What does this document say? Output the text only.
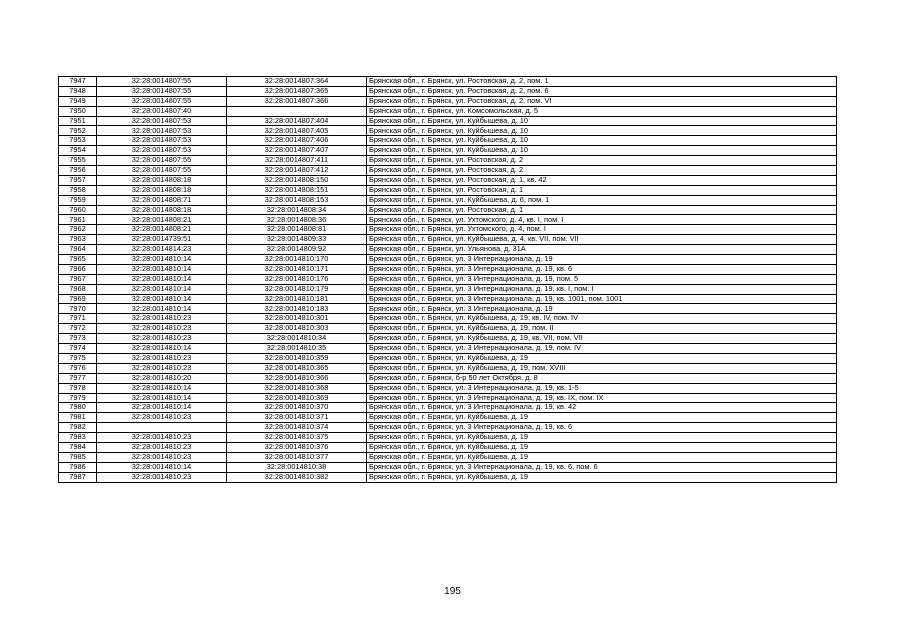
7947	32:28:0014807:55	32:28:0014807:364	Брянская обл., г. Брянск, ул. Ростовская, д. 2, пом. 1
7948	32:28:0014807:55	32:28:0014807:365	Брянская обл., г. Брянск, ул. Ростовская, д. 2, пом. 6
7949	32:28:0014807:55	32:28:0014807:366	Брянская обл., г. Брянск, ул. Ростовская, д. 2, пом. VI
7950	32:28:0014807:40		Брянская обл., г. Брянск, ул. Комсомольская, д. 5
7951	32:28:0014807:53	32:28:0014807:404	Брянская обл., г. Брянск, ул. Куйбышева, д. 10
7952	32:28:0014807:53	32:28:0014807:405	Брянская обл., г. Брянск, ул. Куйбышева, д. 10
7953	32:28:0014807:53	32:28:0014807:406	Брянская обл., г. Брянск, ул. Куйбышева, д. 10
7954	32:28:0014807:53	32:28:0014807:407	Брянская обл., г. Брянск, ул. Куйбышева, д. 10
7955	32:28:0014807:55	32:28:0014807:411	Брянская обл., г. Брянск, ул. Ростовская, д. 2
7956	32:28:0014807:55	32:28:0014807:412	Брянская обл., г. Брянск, ул. Ростовская, д. 2
7957	32:28:0014808:18	32:28:0014808:150	Брянская обл., г. Брянск, ул. Ростовская, д. 1, кв. 42
7958	32:28:0014808:18	32:28:0014808:151	Брянская обл., г. Брянск, ул. Ростовская, д. 1
7959	32:28:0014808:71	32:28:0014808:153	Брянская обл., г. Брянск, ул. Куйбышева, д. 6, пом. 1
7960	32:28:0014808:18	32:28:0014808:34	Брянская обл., г. Брянск, ул. Ростовская, д. 1
7961	32:28:0014808:21	32:28:0014808:36	Брянская обл., г. Брянск, ул. Ухтомского, д. 4, кв. I, пом. I
7962	32:28:0014808:21	32:28:0014808:81	Брянская обл., г. Брянск, ул. Ухтомского, д. 4, пом. I
7963	32:28:0014739:51	32:28:0014809:33	Брянская обл., г. Брянск, ул. Куйбышева, д. 4, кв. VII, пом. VII
7964	32:28:0014814:23	32:28:0014809:92	Брянская обл., г. Брянск, ул. Ульянова, д. 31А
7965	32:28:0014810:14	32:28:0014810:170	Брянская обл., г. Брянск, ул. 3 Интернационала, д. 19
7966	32:28:0014810:14	32:28:0014810:171	Брянская обл., г. Брянск, ул. 3 Интернационала, д. 19, кв. 6
7967	32:28:0014810:14	32:28:0014810:176	Брянская обл., г. Брянск, ул. 3 Интернационала, д. 19, пом. 5
7968	32:28:0014810:14	32:28:0014810:179	Брянская обл., г. Брянск, ул. 3 Интернационала, д. 19, кв. I, пом. I
7969	32:28:0014810:14	32:28:0014810:181	Брянская обл., г. Брянск, ул. 3 Интернационала, д. 19, кв. 1001, пом. 1001
7970	32:28:0014810:14	32:28:0014810:183	Брянская обл., г. Брянск, ул. 3 Интернационала, д. 19
7971	32:28:0014810:23	32:28:0014810:301	Брянская обл., г. Брянск, ул. Куйбышева, д. 19, кв. IV, пом. IV
7972	32:28:0014810:23	32:28:0014810:303	Брянская обл., г. Брянск, ул. Куйбышева, д. 19, пом. II
7973	32:28:0014810:23	32:28:0014810:34	Брянская обл., г. Брянск, ул. Куйбышева, д. 19, кв. VII, пом. VII
7974	32:28:0014810:14	32:28:0014810:35	Брянская обл., г. Брянск, ул. 3 Интернационала, д. 19, пом. IV
7975	32:28:0014810:23	32:28:0014810:359	Брянская обл., г. Брянск, ул. Куйбышева, д. 19
7976	32:28:0014810:23	32:28:0014810:365	Брянская обл., г. Брянск, ул. Куйбышева, д. 19, пом. XVIII
7977	32:28:0014810:20	32:28:0014810:366	Брянская обл., г. Брянск, б-р 50 лет Октября, д. 8
7978	32:28:0014810:14	32:28:0014810:368	Брянская обл., г. Брянск, ул. 3 Интернационала, д. 19, кв. 1-5
7979	32:28:0014810:14	32:28:0014810:369	Брянская обл., г. Брянск, ул. 3 Интернационала, д. 19, кв. IX, пом. IX
7980	32:28:0014810:14	32:28:0014810:370	Брянская обл., г. Брянск, ул. 3 Интернационала, д. 19, кв. 42
7981	32:28:0014810:23	32:28:0014810:371	Брянская обл., г. Брянск, ул. Куйбышева, д. 19
7982		32:28:0014810:374	Брянская обл., г. Брянск, ул. 3 Интернационала, д. 19, кв. 6
7983	32:28:0014810:23	32:28:0014810:375	Брянская обл., г. Брянск, ул. Куйбышева, д. 19
7984	32:28:0014810:23	32:28:0014810:376	Брянская обл., г. Брянск, ул. Куйбышева, д. 19
7985	32:28:0014810:23	32:28:0014810:377	Брянская обл., г. Брянск, ул. Куйбышева, д. 19
7986	32:28:0014810:14	32:28:0014810:38	Брянская обл., г. Брянск, ул. 3 Интернационала, д. 19, кв. 6, пом. 6
7987	32:28:0014810:23	32:28:0014810:382	Брянская обл., г. Брянск, ул. Куйбышева, д. 19
195
